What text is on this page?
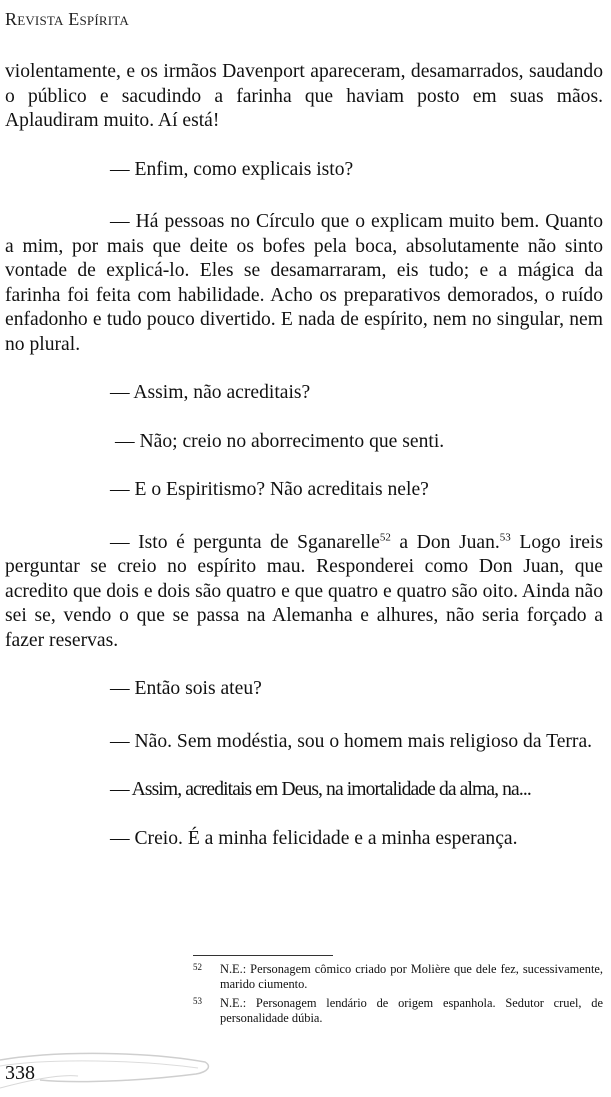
Revista Espírita

violentamente, e os irmãos Davenport apareceram, desamarrados, saudando o público e sacudindo a farinha que haviam posto em suas mãos. Aplaudiram muito. Aí está!

— Enfim, como explicais isto?

— Há pessoas no Círculo que o explicam muito bem. Quanto a mim, por mais que deite os bofes pela boca, absolutamente não sinto vontade de explicá-lo. Eles se desamarraram, eis tudo; e a mágica da farinha foi feita com habilidade. Acho os preparativos demorados, o ruído enfadonho e tudo pouco divertido. E nada de espírito, nem no singular, nem no plural.

— Assim, não acreditais?

— Não; creio no aborrecimento que senti.

— E o Espiritismo? Não acreditais nele?

— Isto é pergunta de Sganarelle$^{52}$ a Don Juan.$^{53}$ Logo ireis perguntar se creio no espírito mau. Responderei como Don Juan, que acredito que dois e dois são quatro e que quatro e quatro são oito. Ainda não sei se, vendo o que se passa na Alemanha e alhures, não seria forçado a fazer reservas.

— Então sois ateu?

— Não. Sem modéstia, sou o homem mais religioso da Terra.

— Assim, acreditais em Deus, na imortalidade da alma, na...

— Creio. É a minha felicidade e a minha esperança.

52 N.E.: Personagem cômico criado por Molière que dele fez, sucessivamente, marido ciumento.
53 N.E.: Personagem lendário de origem espanhola. Sedutor cruel, de personalidade dúbia.
338
